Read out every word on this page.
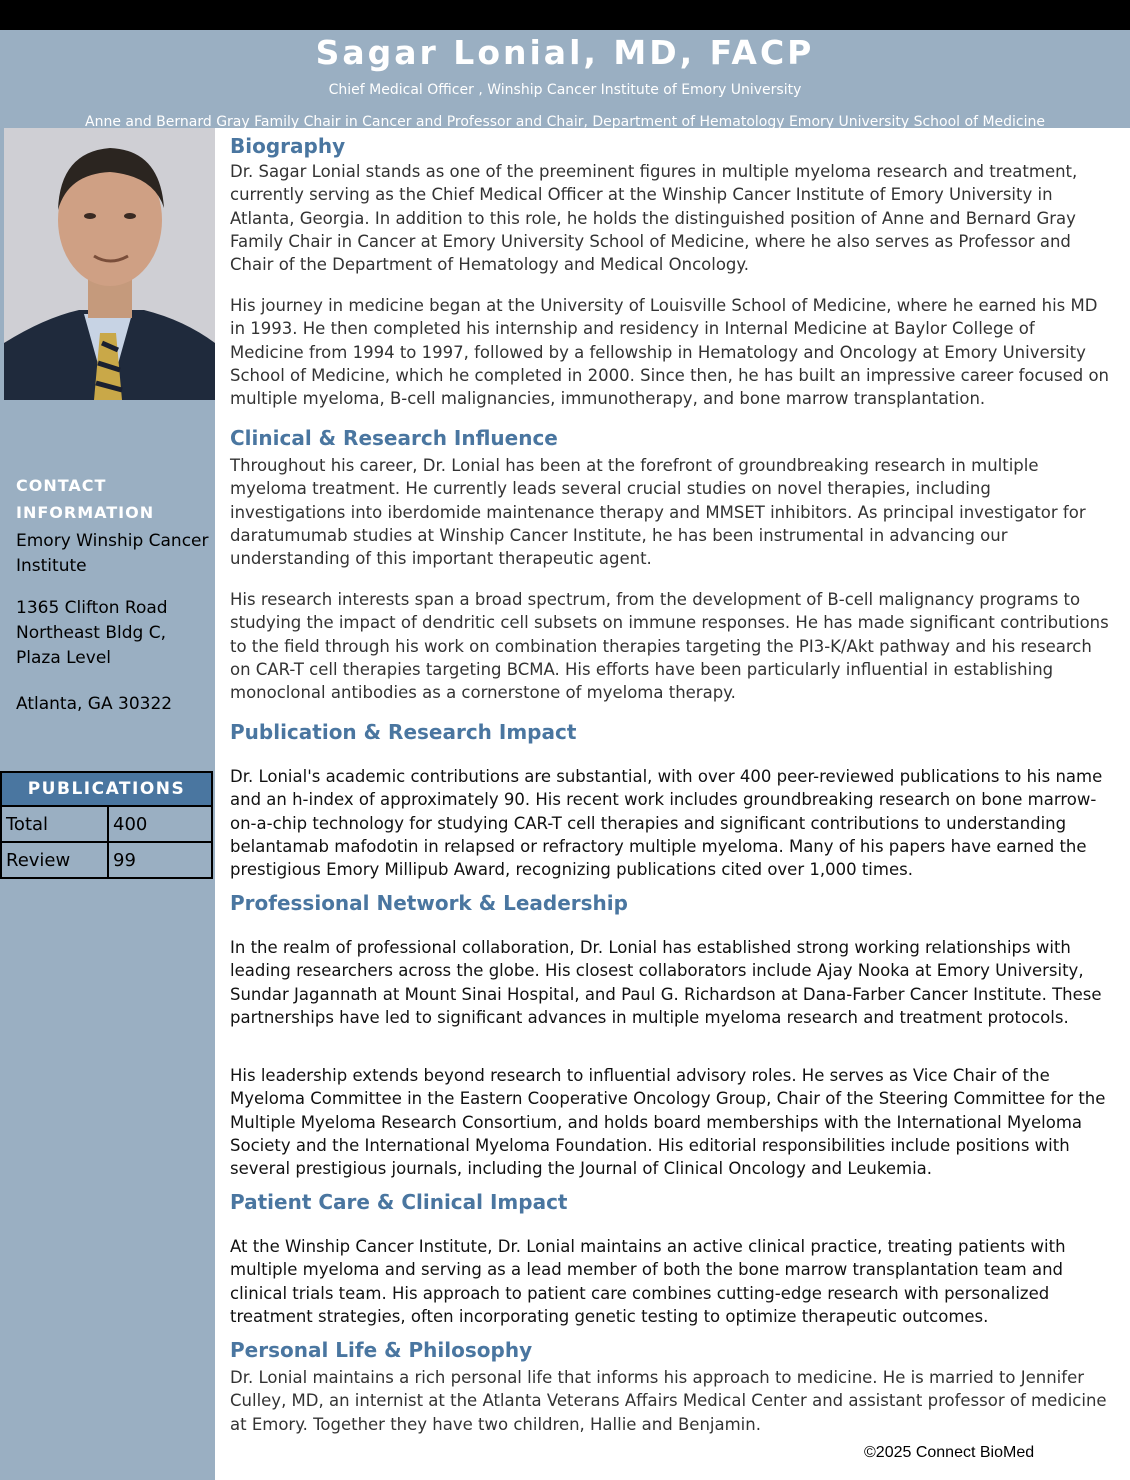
Sagar Lonial, MD, FACP
Chief Medical Officer , Winship Cancer Institute of Emory University
Anne and Bernard Gray Family Chair in Cancer and Professor and Chair, Department of Hematology Emory University School of Medicine
CONTACT INFORMATION
Emory Winship Cancer Institute
1365 Clifton Road Northeast Bldg C, Plaza Level
Atlanta, GA 30322
PUBLICATIONS	
Total	400
Review	99
Biography

Dr. Sagar Lonial stands as one of the preeminent figures in multiple myeloma research and treatment, currently serving as the Chief Medical Officer at the Winship Cancer Institute of Emory University in Atlanta, Georgia. In addition to this role, he holds the distinguished position of Anne and Bernard Gray Family Chair in Cancer at Emory University School of Medicine, where he also serves as Professor and Chair of the Department of Hematology and Medical Oncology.

His journey in medicine began at the University of Louisville School of Medicine, where he earned his MD in 1993. He then completed his internship and residency in Internal Medicine at Baylor College of Medicine from 1994 to 1997, followed by a fellowship in Hematology and Oncology at Emory University School of Medicine, which he completed in 2000. Since then, he has built an impressive career focused on multiple myeloma, B-cell malignancies, immunotherapy, and bone marrow transplantation.

Clinical & Research Influence

Throughout his career, Dr. Lonial has been at the forefront of groundbreaking research in multiple myeloma treatment. He currently leads several crucial studies on novel therapies, including investigations into iberdomide maintenance therapy and MMSET inhibitors. As principal investigator for daratumumab studies at Winship Cancer Institute, he has been instrumental in advancing our understanding of this important therapeutic agent.

His research interests span a broad spectrum, from the development of B-cell malignancy programs to studying the impact of dendritic cell subsets on immune responses. He has made significant contributions to the field through his work on combination therapies targeting the PI3-K/Akt pathway and his research on CAR-T cell therapies targeting BCMA. His efforts have been particularly influential in establishing monoclonal antibodies as a cornerstone of myeloma therapy.

Publication & Research Impact

Dr. Lonial's academic contributions are substantial, with over 400 peer-reviewed publications to his name and an h-index of approximately 90. His recent work includes groundbreaking research on bone marrow-on-a-chip technology for studying CAR-T cell therapies and significant contributions to understanding belantamab mafodotin in relapsed or refractory multiple myeloma. Many of his papers have earned the prestigious Emory Millipub Award, recognizing publications cited over 1,000 times.

Professional Network & Leadership

In the realm of professional collaboration, Dr. Lonial has established strong working relationships with leading researchers across the globe. His closest collaborators include Ajay Nooka at Emory University, Sundar Jagannath at Mount Sinai Hospital, and Paul G. Richardson at Dana-Farber Cancer Institute. These partnerships have led to significant advances in multiple myeloma research and treatment protocols.

His leadership extends beyond research to influential advisory roles. He serves as Vice Chair of the Myeloma Committee in the Eastern Cooperative Oncology Group, Chair of the Steering Committee for the Multiple Myeloma Research Consortium, and holds board memberships with the International Myeloma Society and the International Myeloma Foundation. His editorial responsibilities include positions with several prestigious journals, including the Journal of Clinical Oncology and Leukemia.

Patient Care & Clinical Impact

At the Winship Cancer Institute, Dr. Lonial maintains an active clinical practice, treating patients with multiple myeloma and serving as a lead member of both the bone marrow transplantation team and clinical trials team. His approach to patient care combines cutting-edge research with personalized treatment strategies, often incorporating genetic testing to optimize therapeutic outcomes.

Personal Life & Philosophy

Dr. Lonial maintains a rich personal life that informs his approach to medicine. He is married to Jennifer Culley, MD, an internist at the Atlanta Veterans Affairs Medical Center and assistant professor of medicine at Emory. Together they have two children, Hallie and Benjamin.

©2025 Connect BioMed
